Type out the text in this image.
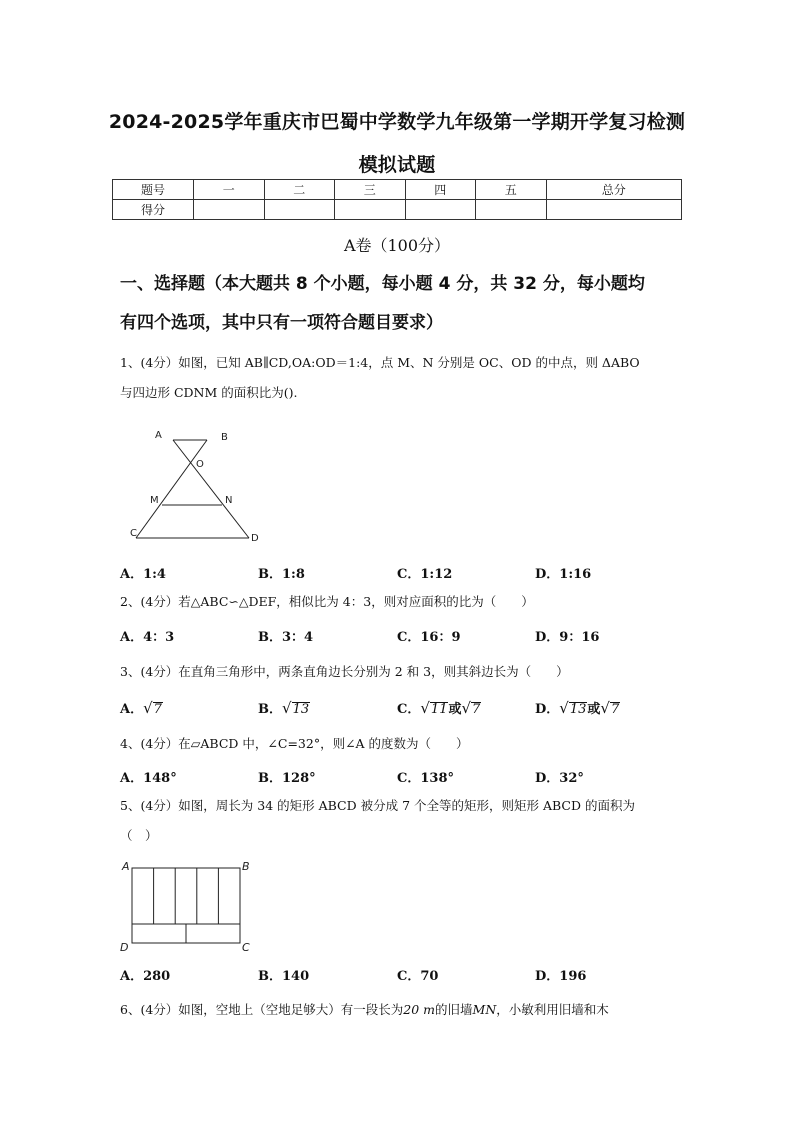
2024-2025学年重庆市巴蜀中学数学九年级第一学期开学复习检测
模拟试题
题号	一	二	三	四	五	总分
得分						
A卷（100分）
一、选择题（本大题共 8 个小题，每小题 4 分，共 32 分，每小题均
有四个选项，其中只有一项符合题目要求）
1、(4分）如图，已知 AB∥CD,OA:OD＝1:4，点 M、N 分别是 OC、OD 的中点，则 ΔABO
与四边形 CDNM 的面积比为().
A	B
O
M	N
C	D
A．1:4	B．1:8	C．1:12	D．1:16
2、(4分）若△ABC∽△DEF，相似比为 4：3，则对应面积的比为（　　）
A．4：3	B．3：4	C．16：9	D．9：16
3、(4分）在直角三角形中，两条直角边长分别为 2 和 3，则其斜边长为（　　）
A．√7	B．√13	C．√11或√7	D．√13或√7
4、(4分）在▱ABCD 中，∠C=32°，则∠A 的度数为（　　）
A．148°	B．128°	C．138°	D．32°
5、(4分）如图，周长为 34 的矩形 ABCD 被分成 7 个全等的矩形，则矩形 ABCD 的面积为
（　）
A	B
D	C
A．280	B．140	C．70	D．196
6、(4分）如图，空地上（空地足够大）有一段长为20 m的旧墙MN，小敏利用旧墙和木
